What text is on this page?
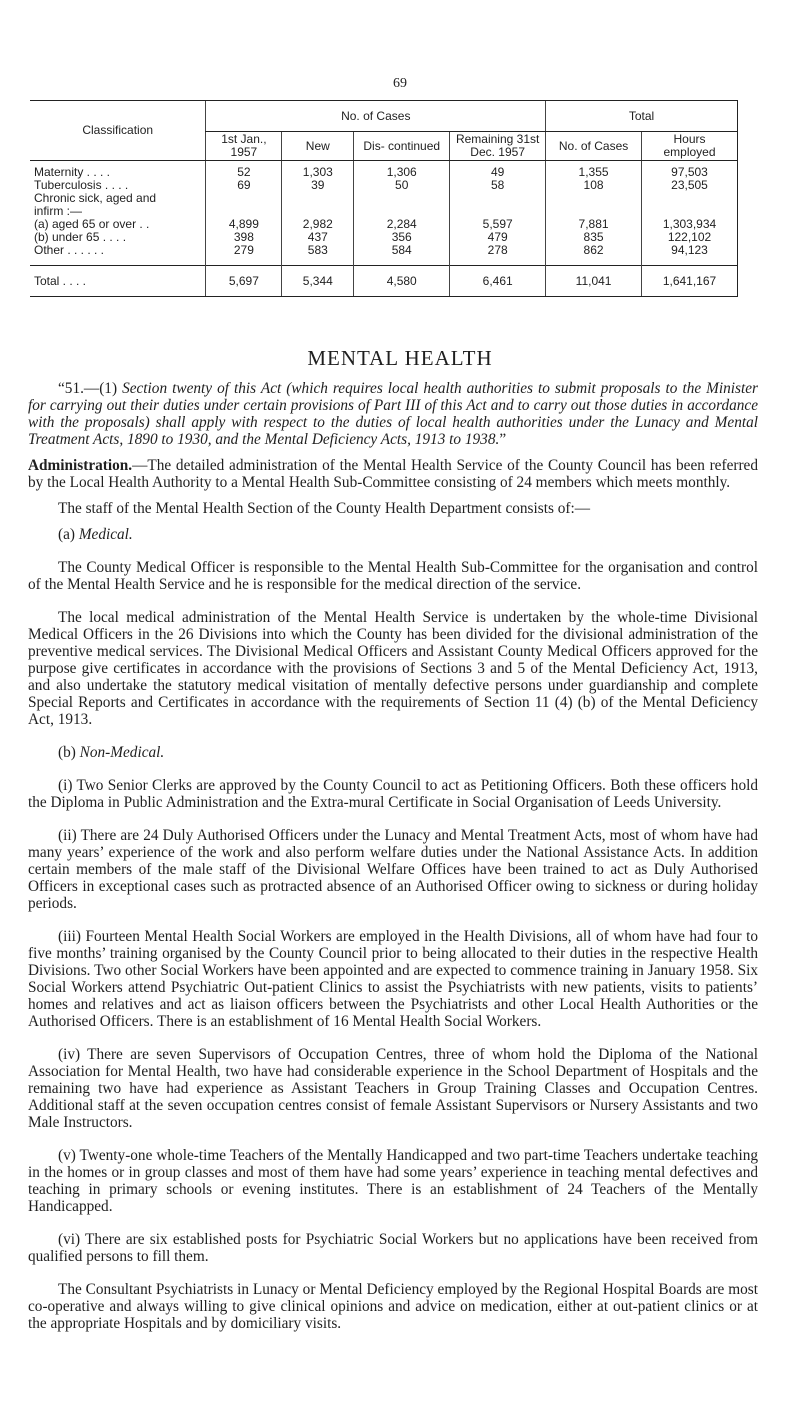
69
Classification	No. of Cases				Total	
	1st Jan., 1957	New	Dis- continued	Remaining 31st Dec. 1957	No. of Cases	Hours employed
Maternity . . . .	52	1,303	1,306	49	1,355	97,503
Tuberculosis . . . .	69	39	50	58	108	23,505
Chronic sick, aged and						
infirm :—						
(a) aged 65 or over . .	4,899	2,982	2,284	5,597	7,881	1,303,934
(b) under 65 . . . .	398	437	356	479	835	122,102
Other . . . . . .	279	583	584	278	862	94,123
Total . . . .	5,697	5,344	4,580	6,461	11,041	1,641,167
MENTAL HEALTH

“51.—(1) Section twenty of this Act (which requires local health authorities to submit proposals to the Minister for carrying out their duties under certain provisions of Part III of this Act and to carry out those duties in accordance with the proposals) shall apply with respect to the duties of local health authorities under the Lunacy and Mental Treatment Acts, 1890 to 1930, and the Mental Deficiency Acts, 1913 to 1938.”

Administration.—The detailed administration of the Mental Health Service of the County Council has been referred by the Local Health Authority to a Mental Health Sub-Committee consisting of 24 members which meets monthly.

The staff of the Mental Health Section of the County Health Department consists of:—

(a) Medical.

The County Medical Officer is responsible to the Mental Health Sub-Committee for the organisation and control of the Mental Health Service and he is responsible for the medical direction of the service.

The local medical administration of the Mental Health Service is undertaken by the whole-time Divisional Medical Officers in the 26 Divisions into which the County has been divided for the divisional administration of the preventive medical services. The Divisional Medical Officers and Assistant County Medical Officers approved for the purpose give certificates in accordance with the provisions of Sections 3 and 5 of the Mental Deficiency Act, 1913, and also undertake the statutory medical visitation of mentally defective persons under guardianship and complete Special Reports and Certificates in accordance with the requirements of Section 11 (4) (b) of the Mental Deficiency Act, 1913.

(b) Non-Medical.

(i) Two Senior Clerks are approved by the County Council to act as Petitioning Officers. Both these officers hold the Diploma in Public Administration and the Extra-mural Certificate in Social Organisation of Leeds University.

(ii) There are 24 Duly Authorised Officers under the Lunacy and Mental Treatment Acts, most of whom have had many years’ experience of the work and also perform welfare duties under the National Assistance Acts. In addition certain members of the male staff of the Divisional Welfare Offices have been trained to act as Duly Authorised Officers in exceptional cases such as protracted absence of an Authorised Officer owing to sickness or during holiday periods.

(iii) Fourteen Mental Health Social Workers are employed in the Health Divisions, all of whom have had four to five months’ training organised by the County Council prior to being allocated to their duties in the respective Health Divisions. Two other Social Workers have been appointed and are expected to commence training in January 1958. Six Social Workers attend Psychiatric Out-patient Clinics to assist the Psychiatrists with new patients, visits to patients’ homes and relatives and act as liaison officers between the Psychiatrists and other Local Health Authorities or the Authorised Officers. There is an establishment of 16 Mental Health Social Workers.

(iv) There are seven Supervisors of Occupation Centres, three of whom hold the Diploma of the National Association for Mental Health, two have had considerable experience in the School Department of Hospitals and the remaining two have had experience as Assistant Teachers in Group Training Classes and Occupation Centres. Additional staff at the seven occupation centres consist of female Assistant Supervisors or Nursery Assistants and two Male Instructors.

(v) Twenty-one whole-time Teachers of the Mentally Handicapped and two part-time Teachers undertake teaching in the homes or in group classes and most of them have had some years’ experience in teaching mental defectives and teaching in primary schools or evening institutes. There is an establishment of 24 Teachers of the Mentally Handicapped.

(vi) There are six established posts for Psychiatric Social Workers but no applications have been received from qualified persons to fill them.

The Consultant Psychiatrists in Lunacy or Mental Deficiency employed by the Regional Hospital Boards are most co-operative and always willing to give clinical opinions and advice on medication, either at out-patient clinics or at the appropriate Hospitals and by domiciliary visits.
